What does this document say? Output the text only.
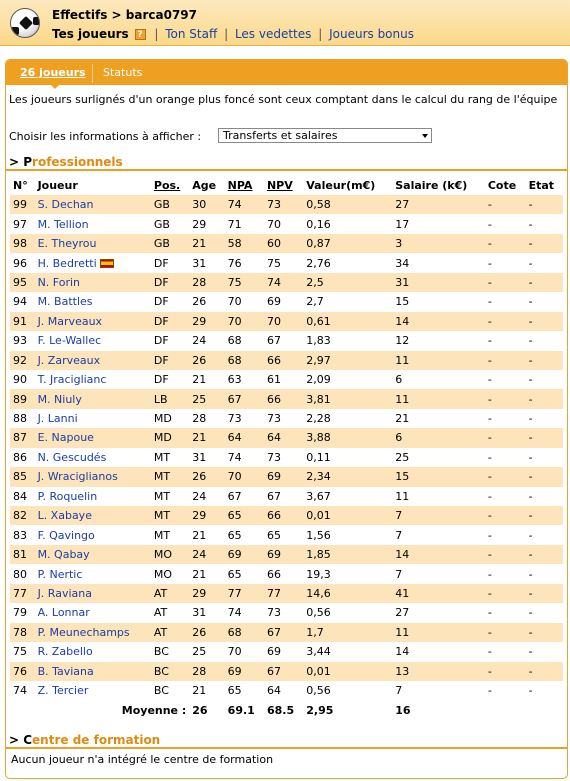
Effectifs > barca0797
Tes joueurs ? | Ton Staff | Les vedettes | Joueurs bonus
26 joueurs	Statuts
Les joueurs surlignés d'un orange plus foncé sont ceux comptant dans le calcul du rang de l'équipe
Choisir les informations à afficher :	Transferts et salaires
> Professionnels
N°	Joueur	Pos.	Age	NPA	NPV	Valeur(m€)	Salaire (k€)	Cote	Etat
99	S. Dechan	GB	30	74	73	0,58	27	-	-
97	M. Tellion	GB	29	71	70	0,16	17	-	-
98	E. Theyrou	GB	21	58	60	0,87	3	-	-
96	H. Bedretti	DF	31	76	75	2,76	34	-	-
95	N. Forin	DF	28	75	74	2,5	31	-	-
94	M. Battles	DF	26	70	69	2,7	15	-	-
91	J. Marveaux	DF	29	70	70	0,61	14	-	-
93	F. Le-Wallec	DF	24	68	67	1,83	12	-	-
92	J. Zarveaux	DF	26	68	66	2,97	11	-	-
90	T. Jraciglianc	DF	21	63	61	2,09	6	-	-
89	M. Niuly	LB	25	67	66	3,81	11	-	-
88	J. Lanni	MD	28	73	73	2,28	21	-	-
87	E. Napoue	MD	21	64	64	3,88	6	-	-
86	N. Gescudés	MT	31	74	73	0,11	25	-	-
85	J. Wraciglianos	MT	26	70	69	2,34	15	-	-
84	P. Roquelin	MT	24	67	67	3,67	11	-	-
82	L. Xabaye	MT	29	65	66	0,01	7	-	-
83	F. Qavingo	MT	21	65	65	1,56	7	-	-
81	M. Qabay	MO	24	69	69	1,85	14	-	-
80	P. Nertic	MO	21	65	66	19,3	7	-	-
77	J. Raviana	AT	29	77	77	14,6	41	-	-
79	A. Lonnar	AT	31	74	73	0,56	27	-	-
78	P. Meunechamps	AT	26	68	67	1,7	11	-	-
75	R. Zabello	BC	25	70	69	3,44	14	-	-
76	B. Taviana	BC	28	69	67	0,01	13	-	-
74	Z. Tercier	BC	21	65	64	0,56	7	-	-
	Moyenne :		26	69.1	68.5	2,95	16		
> Centre de formation
Aucun joueur n'a intégré le centre de formation
